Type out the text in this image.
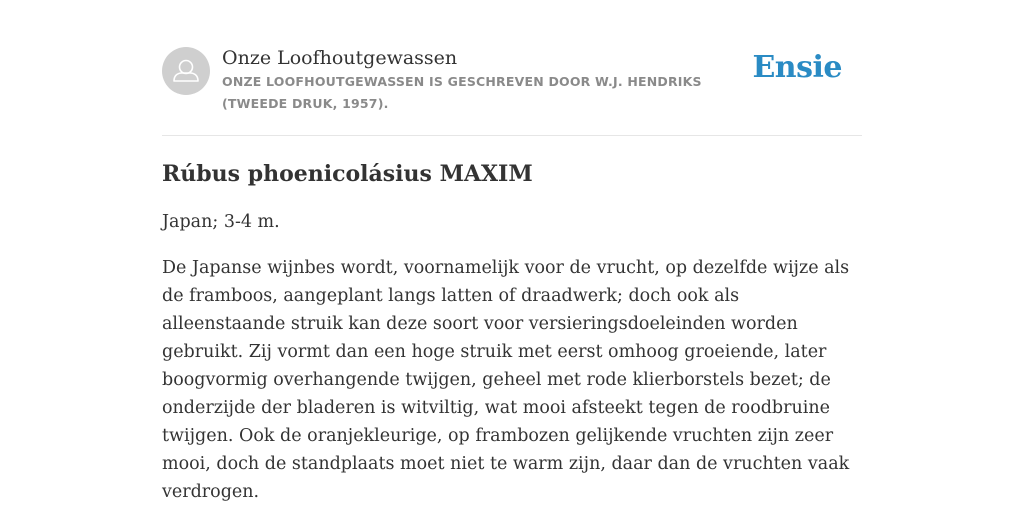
Onze Loofhoutgewassen

ONZE LOOFHOUTGEWASSEN IS GESCHREVEN DOOR W.J. HENDRIKS (TWEEDE DRUK, 1957).
Ensie
Rúbus phoenicolásius MAXIM

Japan; 3-4 m.

De Japanse wijnbes wordt, voornamelijk voor de vrucht, op dezelfde wijze als de framboos, aangeplant langs latten of draadwerk; doch ook als alleenstaande struik kan deze soort voor versieringsdoeleinden worden gebruikt. Zij vormt dan een hoge struik met eerst omhoog groeiende, later boogvormig overhangende twijgen, geheel met rode klierborstels bezet; de onderzijde der bladeren is witviltig, wat mooi afsteekt tegen de roodbruine twijgen. Ook de oranjekleurige, op frambozen gelijkende vruchten zijn zeer mooi, doch de standplaats moet niet te warm zijn, daar dan de vruchten vaak verdrogen.
